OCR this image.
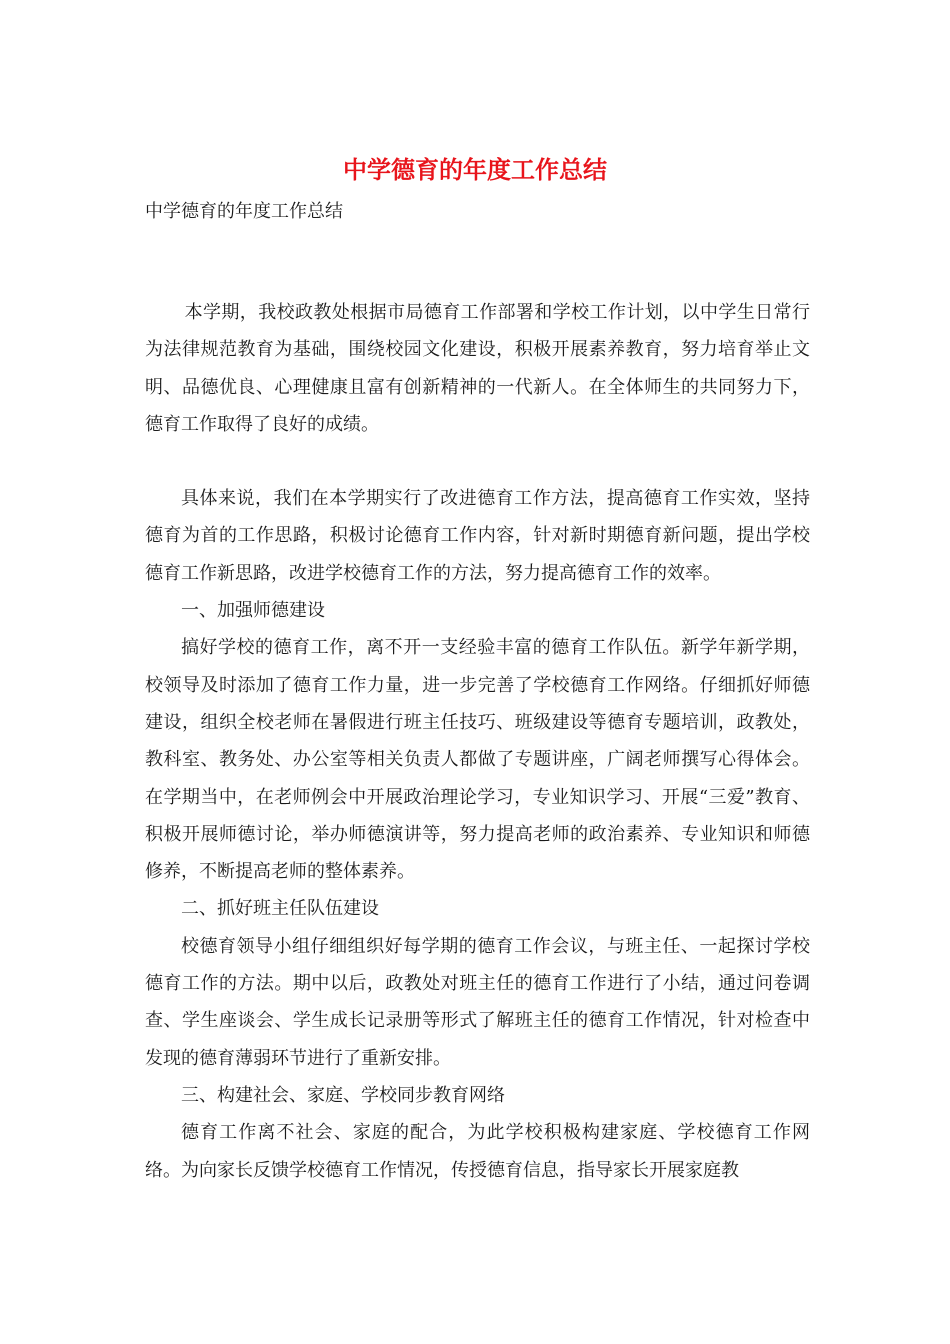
中学德育的年度工作总结
中学德育的年度工作总结

本学期，我校政教处根据市局德育工作部署和学校工作计划，以中学生日常行为法律规范教育为基础，围绕校园文化建设，积极开展素养教育，努力培育举止文明、品德优良、心理健康且富有创新精神的一代新人。在全体师生的共同努力下，德育工作取得了良好的成绩。

具体来说，我们在本学期实行了改进德育工作方法，提高德育工作实效，坚持德育为首的工作思路，积极讨论德育工作内容，针对新时期德育新问题，提出学校德育工作新思路，改进学校德育工作的方法，努力提高德育工作的效率。

一、加强师德建设

搞好学校的德育工作，离不开一支经验丰富的德育工作队伍。新学年新学期，校领导及时添加了德育工作力量，进一步完善了学校德育工作网络。仔细抓好师德建设，组织全校老师在暑假进行班主任技巧、班级建设等德育专题培训，政教处，教科室、教务处、办公室等相关负责人都做了专题讲座，广阔老师撰写心得体会。在学期当中，在老师例会中开展政治理论学习，专业知识学习、开展“三爱”教育、积极开展师德讨论，举办师德演讲等，努力提高老师的政治素养、专业知识和师德修养，不断提高老师的整体素养。

二、抓好班主任队伍建设

校德育领导小组仔细组织好每学期的德育工作会议，与班主任、一起探讨学校德育工作的方法。期中以后，政教处对班主任的德育工作进行了小结，通过问卷调查、学生座谈会、学生成长记录册等形式了解班主任的德育工作情况，针对检查中发现的德育薄弱环节进行了重新安排。

三、构建社会、家庭、学校同步教育网络

德育工作离不社会、家庭的配合，为此学校积极构建家庭、学校德育工作网络。为向家长反馈学校德育工作情况，传授德育信息，指导家长开展家庭教
